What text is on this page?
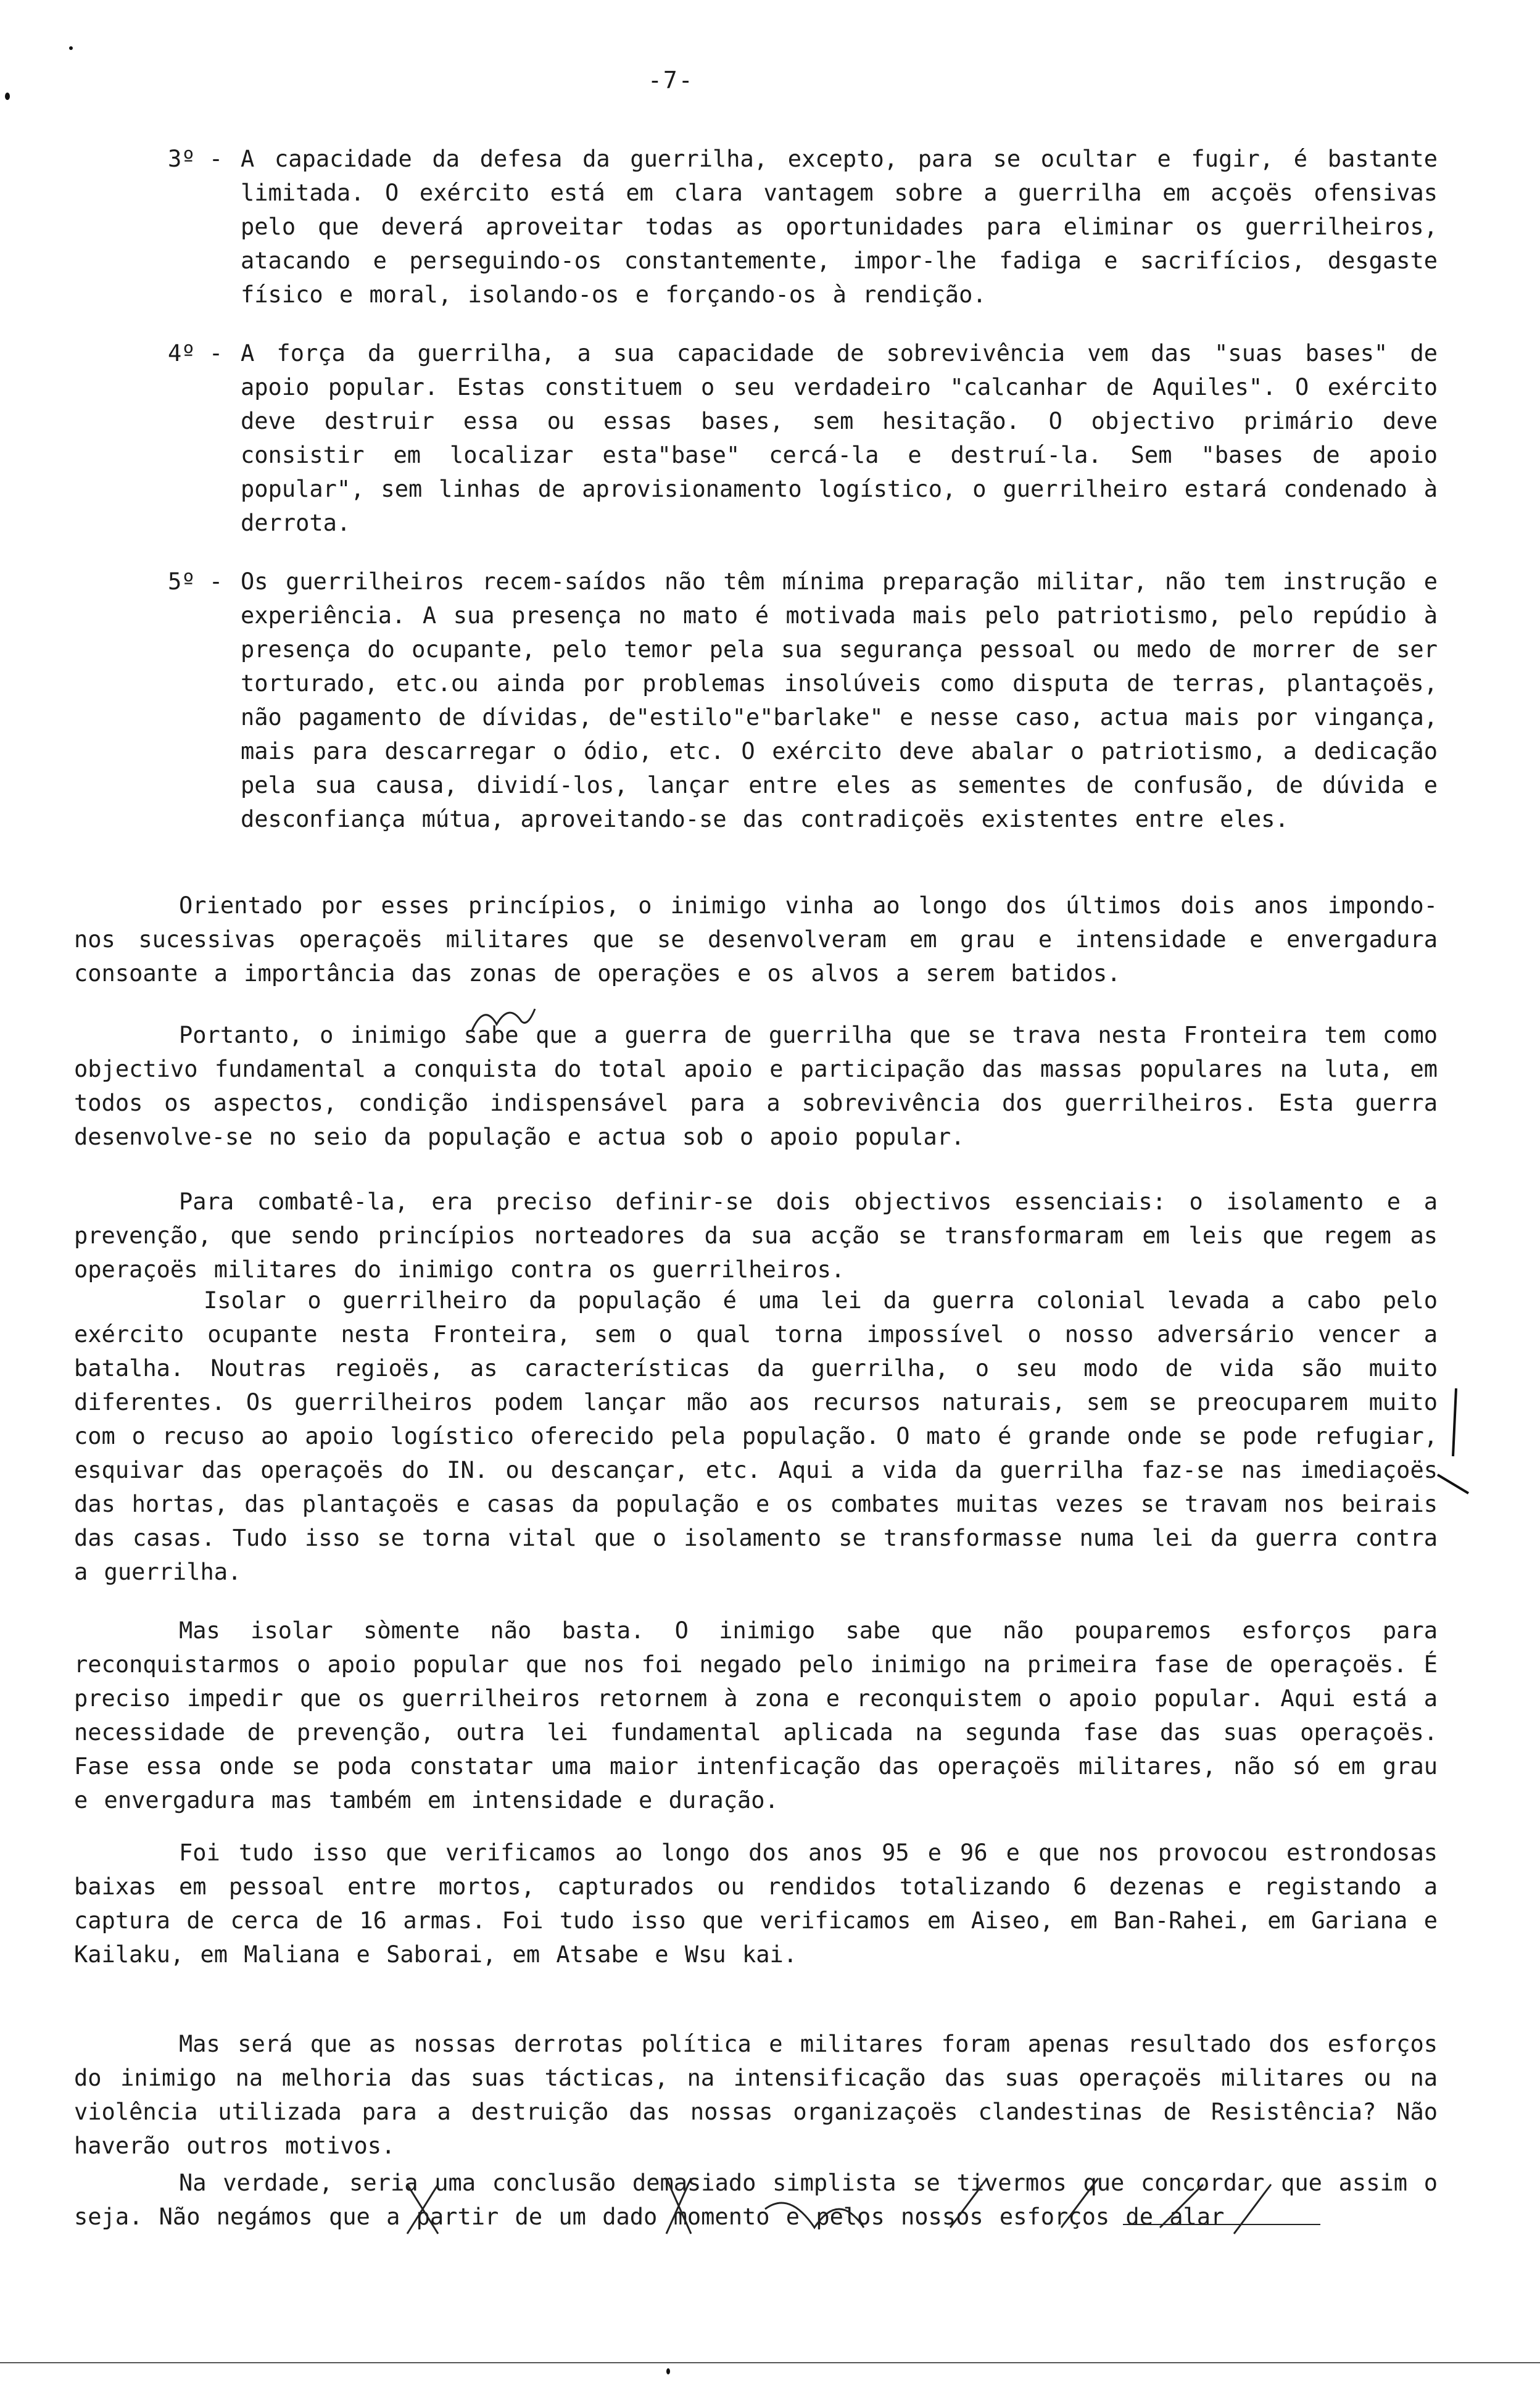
-7-
3º - A capacidade da defesa da guerrilha, excepto, para se ocultar e fugir, é bastante limitada. O exército está em clara vantagem sobre a guerrilha em acçoës ofensivas pelo que deverá aproveitar todas as oportunidades para eliminar os guerrilheiros, atacando e perseguindo-os constantemente, impor-lhe fadiga e sacrifícios, desgaste físico e moral, isolando-os e forçando-os à rendição.
4º - A força da guerrilha, a sua capacidade de sobrevivência vem das "suas bases" de apoio popular. Estas constituem o seu verdadeiro "calcanhar de Aquiles". O exército deve destruir essa ou essas bases, sem hesitação. O objectivo primário deve consistir em localizar esta"base" cercá-la e destruí-la. Sem "bases de apoio popular", sem linhas de aprovisionamento logístico, o guerrilheiro estará condenado à derrota.
5º - Os guerrilheiros recem-saídos não têm mínima preparação militar, não tem instrução e experiência. A sua presença no mato é motivada mais pelo patriotismo, pelo repúdio à presença do ocupante, pelo temor pela sua segurança pessoal ou medo de morrer de ser torturado, etc.ou ainda por problemas insolúveis como disputa de terras, plantaçoës, não pagamento de dívidas, de"estilo"e"barlake" e nesse caso, actua mais por vingança, mais para descarregar o ódio, etc. O exército deve abalar o patriotismo, a dedicação pela sua causa, dividí-los, lançar entre eles as sementes de confusão, de dúvida e desconfiança mútua, aproveitando-se das contradiçoës existentes entre eles.
Orientado por esses princípios, o inimigo vinha ao longo dos últimos dois anos impondo-nos sucessivas operaçoës militares que se desenvolveram em grau e intensidade e envergadura consoante a importância das zonas de operaçöes e os alvos a serem batidos.
Portanto, o inimigo sabe que a guerra de guerrilha que se trava nesta Fronteira tem como objectivo fundamental a conquista do total apoio e participação das massas populares na luta, em todos os aspectos, condição indispensável para a sobrevivência dos guerrilheiros. Esta guerra desenvolve-se no seio da população e actua sob o apoio popular.
Para combatê-la, era preciso definir-se dois objectivos essenciais: o isolamento e a prevenção, que sendo princípios norteadores da sua acção se transformaram em leis que regem as operaçoës militares do inimigo contra os guerrilheiros.
Isolar o guerrilheiro da população é uma lei da guerra colonial levada a cabo pelo exército ocupante nesta Fronteira, sem o qual torna impossível o nosso adversário vencer a batalha. Noutras regioës, as características da guerrilha, o seu modo de vida são muito diferentes. Os guerrilheiros podem lançar mão aos recursos naturais, sem se preocuparem muito com o recuso ao apoio logístico oferecido pela população. O mato é grande onde se pode refugiar, esquivar das operaçoës do IN. ou descançar, etc. Aqui a vida da guerrilha faz-se nas imediaçoës das hortas, das plantaçoës e casas da população e os combates muitas vezes se travam nos beirais das casas. Tudo isso se torna vital que o isolamento se transformasse numa lei da guerra contra a guerrilha.
Mas isolar sòmente não basta. O inimigo sabe que não pouparemos esforços para reconquistarmos o apoio popular que nos foi negado pelo inimigo na primeira fase de operaçoës. É preciso impedir que os guerrilheiros retornem à zona e reconquistem o apoio popular. Aqui está a necessidade de prevenção, outra lei fundamental aplicada na segunda fase das suas operaçoës. Fase essa onde se poda constatar uma maior intenficação das operaçoës militares, não só em grau e envergadura mas também em intensidade e duração.
Foi tudo isso que verificamos ao longo dos anos 95 e 96 e que nos provocou estrondosas baixas em pessoal entre mortos, capturados ou rendidos totalizando 6 dezenas e registando a captura de cerca de 16 armas. Foi tudo isso que verificamos em Aiseo, em Ban-Rahei, em Gariana e Kailaku, em Maliana e Saborai, em Atsabe e Wsu kai.
Mas será que as nossas derrotas política e militares foram apenas resultado dos esforços do inimigo na melhoria das suas tácticas, na intensificação das suas operaçoës militares ou na violência utilizada para a destruição das nossas organizaçoës clandestinas de Resistência? Não haverão outros motivos.
Na verdade, seria uma conclusão demasiado simplista se tivermos que concordar que assim o seja. Não negámos que a partir de um dado momento e pelos nossos esforços de alar
